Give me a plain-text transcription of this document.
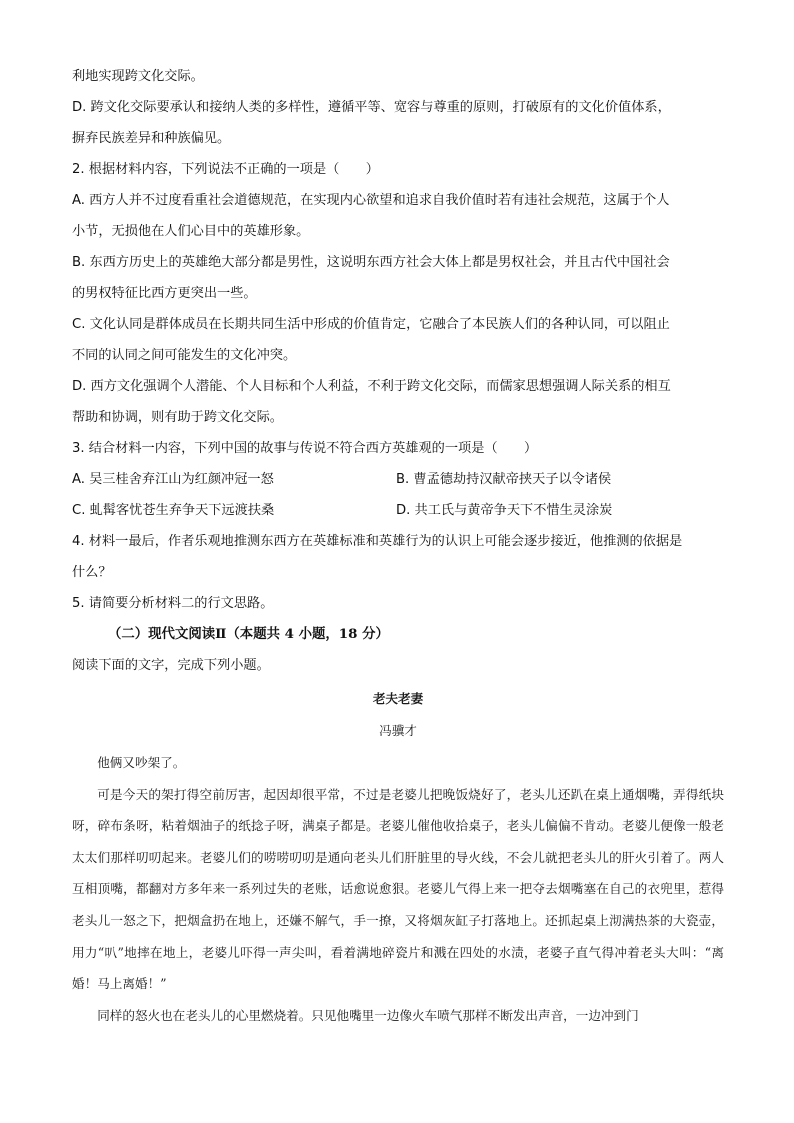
利地实现跨文化交际。

D. 跨文化交际要承认和接纳人类的多样性，遵循平等、宽容与尊重的原则，打破原有的文化价值体系，

摒弃民族差异和种族偏见。

2. 根据材料内容，下列说法不正确的一项是（　　）

A. 西方人并不过度看重社会道德规范，在实现内心欲望和追求自我价值时若有违社会规范，这属于个人

小节，无损他在人们心目中的英雄形象。

B. 东西方历史上的英雄绝大部分都是男性，这说明东西方社会大体上都是男权社会，并且古代中国社会

的男权特征比西方更突出一些。

C. 文化认同是群体成员在长期共同生活中形成的价值肯定，它融合了本民族人们的各种认同，可以阻止

不同的认同之间可能发生的文化冲突。

D. 西方文化强调个人潜能、个人目标和个人利益，不利于跨文化交际，而儒家思想强调人际关系的相互

帮助和协调，则有助于跨文化交际。

3. 结合材料一内容，下列中国的故事与传说不符合西方英雄观的一项是（　　）

A. 吴三桂舍弃江山为红颜冲冠一怒	B. 曹孟德劫持汉献帝挟天子以令诸侯
C. 虬髯客忧苍生弃争天下远渡扶桑	D. 共工氏与黄帝争天下不惜生灵涂炭

4. 材料一最后，作者乐观地推测东西方在英雄标准和英雄行为的认识上可能会逐步接近，他推测的依据是

什么？

5. 请简要分析材料二的行文思路。

（二）现代文阅读Ⅱ（本题共 4 小题，18 分）

阅读下面的文字，完成下列小题。

老夫老妻

冯骥才

他俩又吵架了。

可是今天的架打得空前厉害，起因却很平常，不过是老婆儿把晚饭烧好了，老头儿还趴在桌上通烟嘴，弄得纸块呀，碎布条呀，粘着烟油子的纸捻子呀，满桌子都是。老婆儿催他收拾桌子，老头儿偏偏不肯动。老婆儿便像一般老太太们那样叨叨起来。老婆儿们的唠唠叨叨是通向老头儿们肝脏里的导火线，不会儿就把老头儿的肝火引着了。两人互相顶嘴，都翻对方多年来一系列过失的老账，话愈说愈狠。老婆儿气得上来一把夺去烟嘴塞在自己的衣兜里，惹得老头儿一怒之下，把烟盒扔在地上，还嫌不解气，手一撩，又将烟灰缸子打落地上。还抓起桌上沏满热茶的大瓷壶，用力“叭”地摔在地上，老婆儿吓得一声尖叫，看着满地碎瓷片和溅在四处的水渍，老婆子直气得冲着老头大叫：“离婚！马上离婚！”

同样的怒火也在老头儿的心里燃烧着。只见他嘴里一边像火车喷气那样不断发出声音，一边冲到门
